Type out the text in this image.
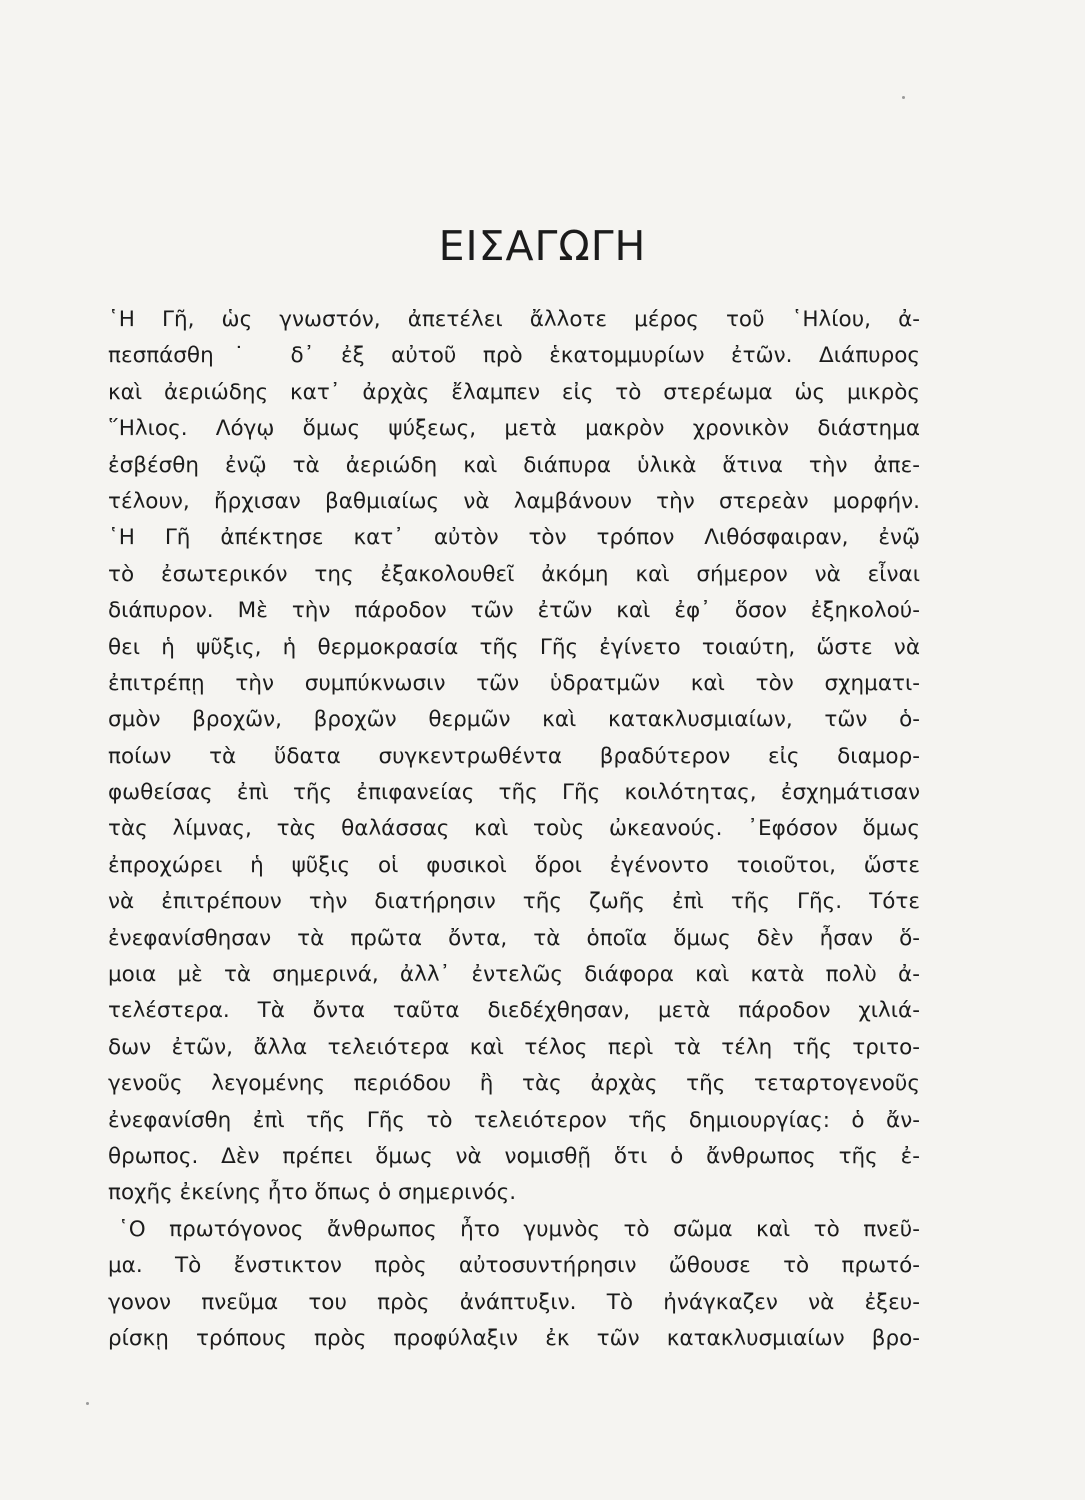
ΕΙΣΑΓΩΓΗ
῾Η Γῆ, ὡς γνωστόν, ἀπετέλει ἄλλοτε μέρος τοῦ ῾Ηλίου, ἀ-
πεσπάσθη˙ δ᾿ ἐξ αὐτοῦ πρὸ ἑκατομμυρίων ἐτῶν. Διάπυρος
καὶ ἀεριώδης κατ᾿ ἀρχὰς ἔλαμπεν εἰς τὸ στερέωμα ὡς μικρὸς
῞Ηλιος. Λόγῳ ὅμως ψύξεως, μετὰ μακρὸν χρονικὸν διάστημα
ἐσβέσθη ἐνῷ τὰ ἀεριώδη καὶ διάπυρα ὑλικὰ ἅτινα τὴν ἀπε-
τέλουν, ἤρχισαν βαθμιαίως νὰ λαμβάνουν τὴν στερεὰν μορφήν.
῾Η Γῆ ἀπέκτησε κατ᾿ αὐτὸν τὸν τρόπον Λιθόσφαιραν, ἐνῷ
τὸ ἐσωτερικόν της ἐξακολουθεῖ ἀκόμη καὶ σήμερον νὰ εἶναι
διάπυρον. Μὲ τὴν πάροδον τῶν ἐτῶν καὶ ἐφ᾿ ὅσον ἐξηκολού-
θει ἡ ψῦξις, ἡ θερμοκρασία τῆς Γῆς ἐγίνετο τοιαύτη, ὥστε νὰ
ἐπιτρέπῃ τὴν συμπύκνωσιν τῶν ὑδρατμῶν καὶ τὸν σχηματι-
σμὸν βροχῶν, βροχῶν θερμῶν καὶ κατακλυσμιαίων, τῶν ὁ-
ποίων τὰ ὕδατα συγκεντρωθέντα βραδύτερον εἰς διαμορ-
φωθείσας ἐπὶ τῆς ἐπιφανείας τῆς Γῆς κοιλότητας, ἐσχημάτισαν
τὰς λίμνας, τὰς θαλάσσας καὶ τοὺς ὠκεανούς. ᾿Εφόσον ὅμως
ἐπροχώρει ἡ ψῦξις οἱ φυσικοὶ ὅροι ἐγένοντο τοιοῦτοι, ὥστε
νὰ ἐπιτρέπουν τὴν διατήρησιν τῆς ζωῆς ἐπὶ τῆς Γῆς. Τότε
ἐνεφανίσθησαν τὰ πρῶτα ὄντα, τὰ ὁποῖα ὅμως δὲν ἦσαν ὅ-
μοια μὲ τὰ σημερινά, ἀλλ᾿ ἐντελῶς διάφορα καὶ κατὰ πολὺ ἀ-
τελέστερα. Τὰ ὄντα ταῦτα διεδέχθησαν, μετὰ πάροδον χιλιά-
δων ἐτῶν, ἄλλα τελειότερα καὶ τέλος περὶ τὰ τέλη τῆς τριτο-
γενοῦς λεγομένης περιόδου ἢ τὰς ἀρχὰς τῆς τεταρτογενοῦς
ἐνεφανίσθη ἐπὶ τῆς Γῆς τὸ τελειότερον τῆς δημιουργίας: ὁ ἄν-
θρωπος. Δὲν πρέπει ὅμως νὰ νομισθῇ ὅτι ὁ ἄνθρωπος τῆς ἐ-
ποχῆς ἐκείνης ἦτο ὅπως ὁ σημερινός.
῾Ο πρωτόγονος ἄνθρωπος ἦτο γυμνὸς τὸ σῶμα καὶ τὸ πνεῦ-
μα. Τὸ ἔνστικτον πρὸς αὐτοσυντήρησιν ὤθουσε τὸ πρωτό-
γονον πνεῦμα του πρὸς ἀνάπτυξιν. Τὸ ἠνάγκαζεν νὰ ἐξευ-
ρίσκῃ τρόπους πρὸς προφύλαξιν ἐκ τῶν κατακλυσμιαίων βρο-
